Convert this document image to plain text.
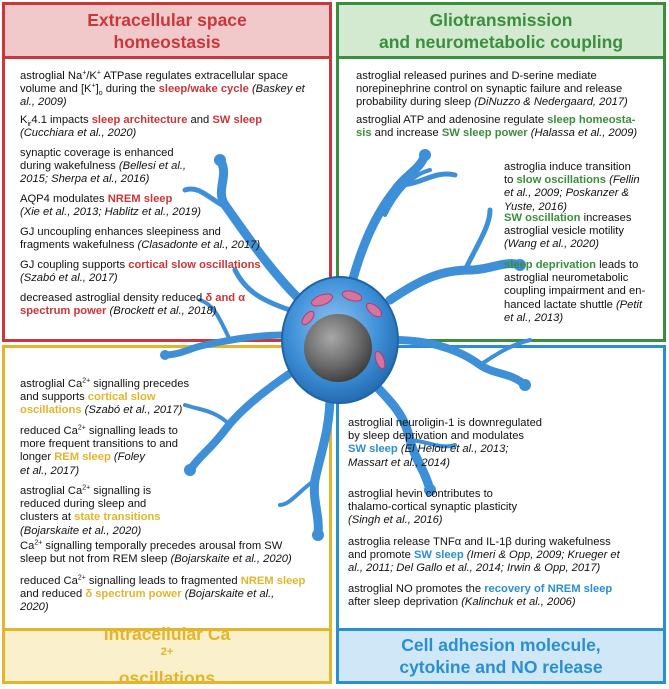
Extracellular space
homeostasis
Gliotransmission
and neurometabolic coupling
Intracellular Ca
$^{2+}$
oscillations
Cell adhesion molecule,
cytokine and NO release
astroglial Na+/K+ ATPase regulates extracellular space
volume and $[K^+]_o$ during the sleep/wake cycle (Baskey et
al., 2009)
$K_{ir}4.1$ impacts sleep architecture and SW sleep
(Cucchiara et al., 2020)
synaptic coverage is enhanced
during wakefulness (Bellesi et al.,
2015; Sherpa et al., 2016)
AQP4 modulates NREM sleep
(Xie et al., 2013; Hablitz et al., 2019)
GJ uncoupling enhances sleepiness and
fragments wakefulness (Clasadonte et al., 2017)
GJ coupling supports cortical slow oscillations
(Szabó et al., 2017)
decreased astroglial density reduced δ and α
spectrum power (Brockett et al., 2018)
astroglial released purines and D-serine mediate
norepinephrine control on synaptic failure and release
probability during sleep (DiNuzzo & Nedergaard, 2017)
astroglial ATP and adenosine regulate sleep homeosta-
sis and increase SW sleep power (Halassa et al., 2009)
astroglia induce transition
to slow oscillations (Fellin
et al., 2009; Poskanzer &
Yuste, 2016)
SW oscillation increases
astroglial vesicle motility
(Wang et al., 2020)
sleep deprivation leads to
astroglial neurometabolic
coupling impairment and en-
hanced lactate shuttle (Petit
et al., 2013)
astroglial $Ca^{2+}$ signalling precedes
and supports cortical slow
oscillations (Szabó et al., 2017)
reduced $Ca^{2+}$ signalling leads to
more frequent transitions to and
longer REM sleep (Foley
et al., 2017)
astroglial $Ca^{2+}$ signalling is
reduced during sleep and
clusters at state transitions
(Bojarskaite et al., 2020)
$Ca^{2+}$ signalling temporally precedes arousal from SW
sleep but not from REM sleep (Bojarskaite et al., 2020)
reduced $Ca^{2+}$ signalling leads to fragmented NREM sleep
and reduced δ spectrum power (Bojarskaite et al.,
2020)
astroglial neuroligin-1 is downregulated
by sleep deprivation and modulates
SW sleep (El Helou et al., 2013;
Massart et al., 2014)
astroglial hevin contributes to
thalamo-cortical synaptic plasticity
(Singh et al., 2016)
astroglia release TNFα and IL-1β during wakefulness
and promote SW sleep (Imeri & Opp, 2009; Krueger et
al., 2011; Del Gallo et al., 2014; Irwin & Opp, 2017)
astroglial NO promotes the recovery of NREM sleep
after sleep deprivation (Kalinchuk et al., 2006)
